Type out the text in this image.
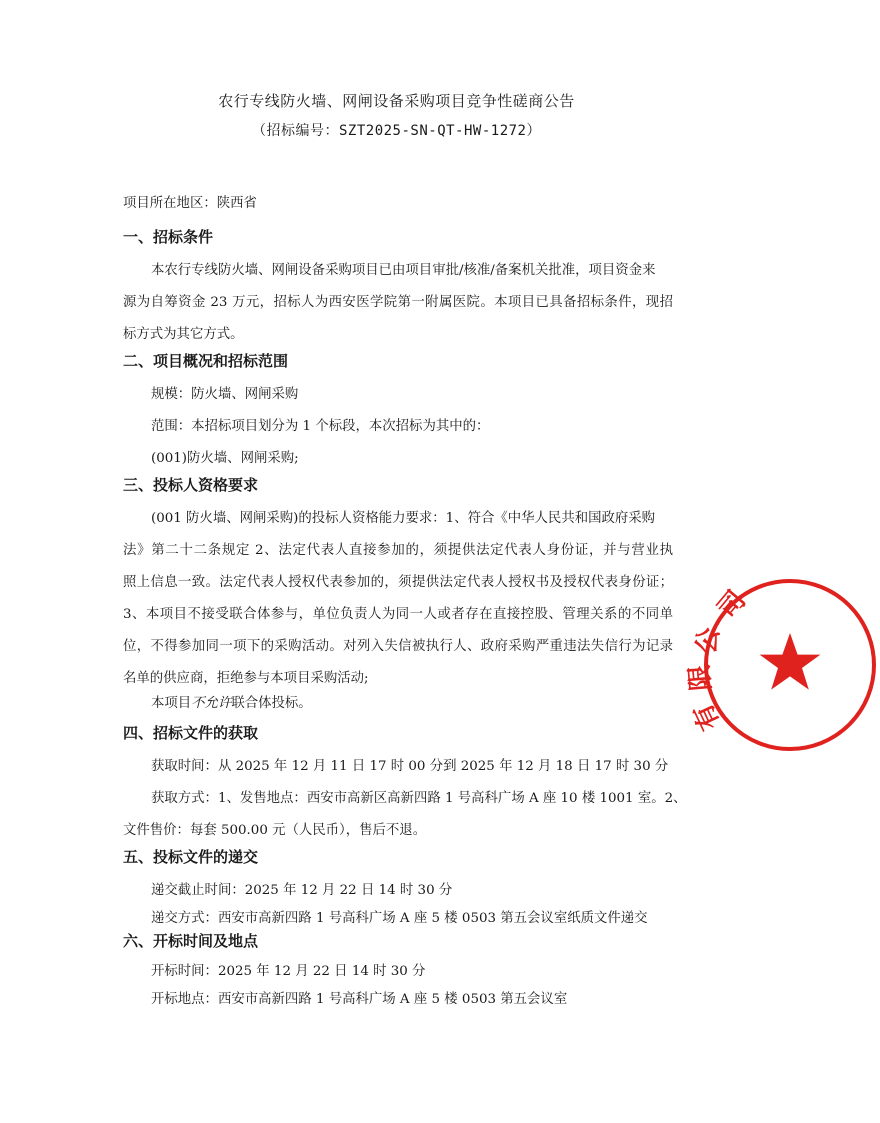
农行专线防火墙、网闸设备采购项目竞争性磋商公告
（招标编号：SZT2025-SN-QT-HW-1272）
项目所在地区：陕西省
一、招标条件
本农行专线防火墙、网闸设备采购项目已由项目审批/核准/备案机关批准，项目资金来
源为自筹资金 23 万元，招标人为西安医学院第一附属医院。本项目已具备招标条件，现招
标方式为其它方式。
二、项目概况和招标范围
规模：防火墙、网闸采购
范围：本招标项目划分为 1 个标段，本次招标为其中的：
(001)防火墙、网闸采购;
三、投标人资格要求
(001 防火墙、网闸采购)的投标人资格能力要求：1、符合《中华人民共和国政府采购
法》第二十二条规定 2、法定代表人直接参加的，须提供法定代表人身份证，并与营业执
照上信息一致。法定代表人授权代表参加的，须提供法定代表人授权书及授权代表身份证；
3、本项目不接受联合体参与，单位负责人为同一人或者存在直接控股、管理关系的不同单
位，不得参加同一项下的采购活动。对列入失信被执行人、政府采购严重违法失信行为记录
名单的供应商，拒绝参与本项目采购活动;
本项目不允许联合体投标。
四、招标文件的获取
获取时间：从 2025 年 12 月 11 日 17 时 00 分到 2025 年 12 月 18 日 17 时 30 分
获取方式：1、发售地点：西安市高新区高新四路 1 号高科广场 A 座 10 楼 1001 室。2、
文件售价：每套 500.00 元（人民币），售后不退。
五、投标文件的递交
递交截止时间：2025 年 12 月 22 日 14 时 30 分
递交方式：西安市高新四路 1 号高科广场 A 座 5 楼 0503 第五会议室纸质文件递交
六、开标时间及地点
开标时间：2025 年 12 月 22 日 14 时 30 分
开标地点：西安市高新四路 1 号高科广场 A 座 5 楼 0503 第五会议室
司
公
限
有
